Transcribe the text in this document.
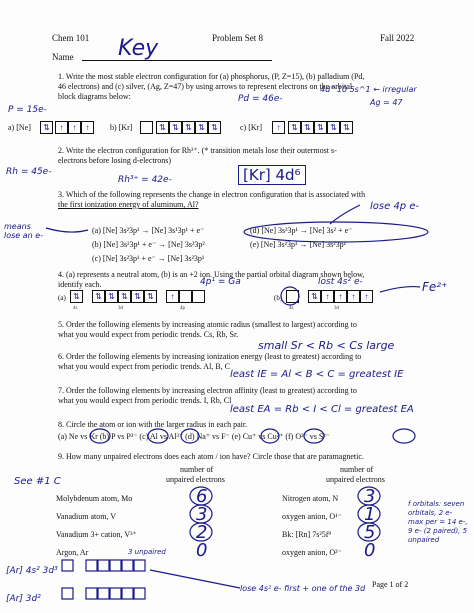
Chem 101	Problem Set 8	Fall 2022
Name Key
1. Write the most stable electron configuration for (a) phosphorus, (P, Z=15), (b) palladium (Pd,
46 electrons) and (c) silver, (Ag, Z=47) by using arrows to represent electrons on the orbital
block diagrams below:	Pd = 46e-
4d^10 5s^1 ← irregular
Ag = 47
P = 15e-
a) [Ne]	⇅	↑	↑	↑	b) [Kr]	⇅ ⇅ ⇅ ⇅ ⇅	c) [Kr]	↑	⇅ ⇅ ⇅ ⇅ ⇅
2. Write the electron configuration for Rh³⁺. (* transition metals lose their outermost s-
electrons before losing d-electrons)
Rh = 45e-
Rh³⁺ = 42e-	[Kr] 4d⁶
3. Which of the following represents the change in electron configuration that is associated with
the first ionization energy of aluminum, Al?
means lose an e-
lose 4p e-
(a) [Ne] 3s²3p¹ → [Ne] 3s¹3p¹ + e⁻
(b) [Ne] 3s²3p¹ + e⁻ → [Ne] 3s²3p²
(c) [Ne] 3s²3p¹ + e⁻ → [Ne] 3s²3p¹
(d) [Ne] 3s²3p¹ → [Ne] 3s² + e⁻
(e) [Ne] 3s²3p¹ → [Ne] 3s²3p¹
4. (a) represents a neutral atom, (b) is an +2 ion. Using the partial orbital diagram shown below,
identify each.	4p¹ = Ga	lost 4s² e-	Fe²⁺
(a) ⇅	⇅ ⇅ ⇅ ⇅ ⇅	↑
4s	3d	4p
(b)	⇅ ↑	↑	↑	↑
4s	3d
5. Order the following elements by increasing atomic radius (smallest to largest) according to
what you would expect from periodic trends. Cs, Rb, Sr.
small Sr < Rb < Cs large
6. Order the following elements by increasing ionization energy (least to greatest) according to
what you would expect from periodic trends. Al, B, C
least IE = Al < B < C = greatest IE
7. Order the following elements by increasing electron affinity (least to greatest) according to
what you would expect from periodic trends. I, Rb, Cl
least EA = Rb < I < Cl = greatest EA
8. Circle the atom or ion with the larger radius in each pair.
(a) Ne vs Kr (b) P vs P³⁻ (c) Al vs Al³⁺ (d) Na⁺ vs F⁻ (e) Cu⁺ vs Cu²⁺ (f) O²⁻ vs S²⁻
9. How many unpaired electrons does each atom / ion have? Circle those that are paramagnetic.
number of
unpaired electrons
number of
unpaired electrons
See #1 C
Molybdenum atom, Mo	6
Vanadium atom, V	3
Vanadium 3+ cation, V³⁺	2
Argon, Ar	0
Nitrogen atom, N 3
oxygen anion, O¹⁻ 1
Bk: [Rn] 7s²5f⁹ 5
oxygen anion, O²⁻ 0
3 unpaired
[Ar] 4s² 3d³
[Ar] 3d²
lose 4s² e- first + one of the 3d
f orbitals: seven orbitals, 2 e- max per = 14 e-, 9 e- (2 paired), 5 unpaired
Page 1 of 2
